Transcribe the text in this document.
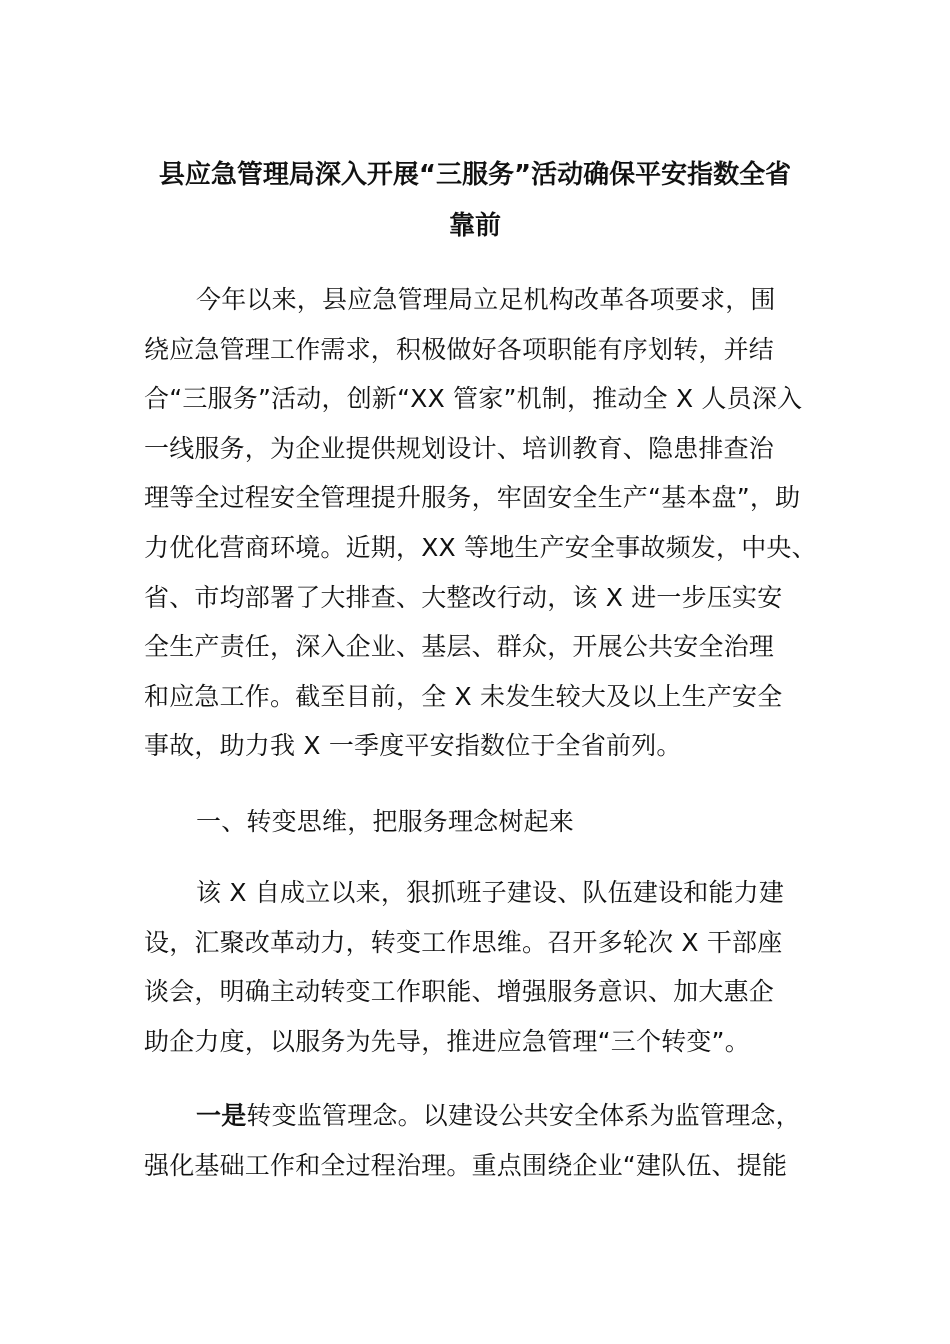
县应急管理局深入开展“三服务”活动确保平安指数全省
靠前
今年以来，县应急管理局立足机构改革各项要求，围
绕应急管理工作需求，积极做好各项职能有序划转，并结
合“三服务”活动，创新“XX 管家”机制，推动全 X 人员深入
一线服务，为企业提供规划设计、培训教育、隐患排查治
理等全过程安全管理提升服务，牢固安全生产“基本盘”，助
力优化营商环境。近期，XX 等地生产安全事故频发，中央、
省、市均部署了大排查、大整改行动，该 X 进一步压实安
全生产责任，深入企业、基层、群众，开展公共安全治理
和应急工作。截至目前，全 X 未发生较大及以上生产安全
事故，助力我 X 一季度平安指数位于全省前列。
一、转变思维，把服务理念树起来
该 X 自成立以来，狠抓班子建设、队伍建设和能力建
设，汇聚改革动力，转变工作思维。召开多轮次 X 干部座
谈会，明确主动转变工作职能、增强服务意识、加大惠企
助企力度，以服务为先导，推进应急管理“三个转变”。
一是转变监管理念。以建设公共安全体系为监管理念，
强化基础工作和全过程治理。重点围绕企业“建队伍、提能
